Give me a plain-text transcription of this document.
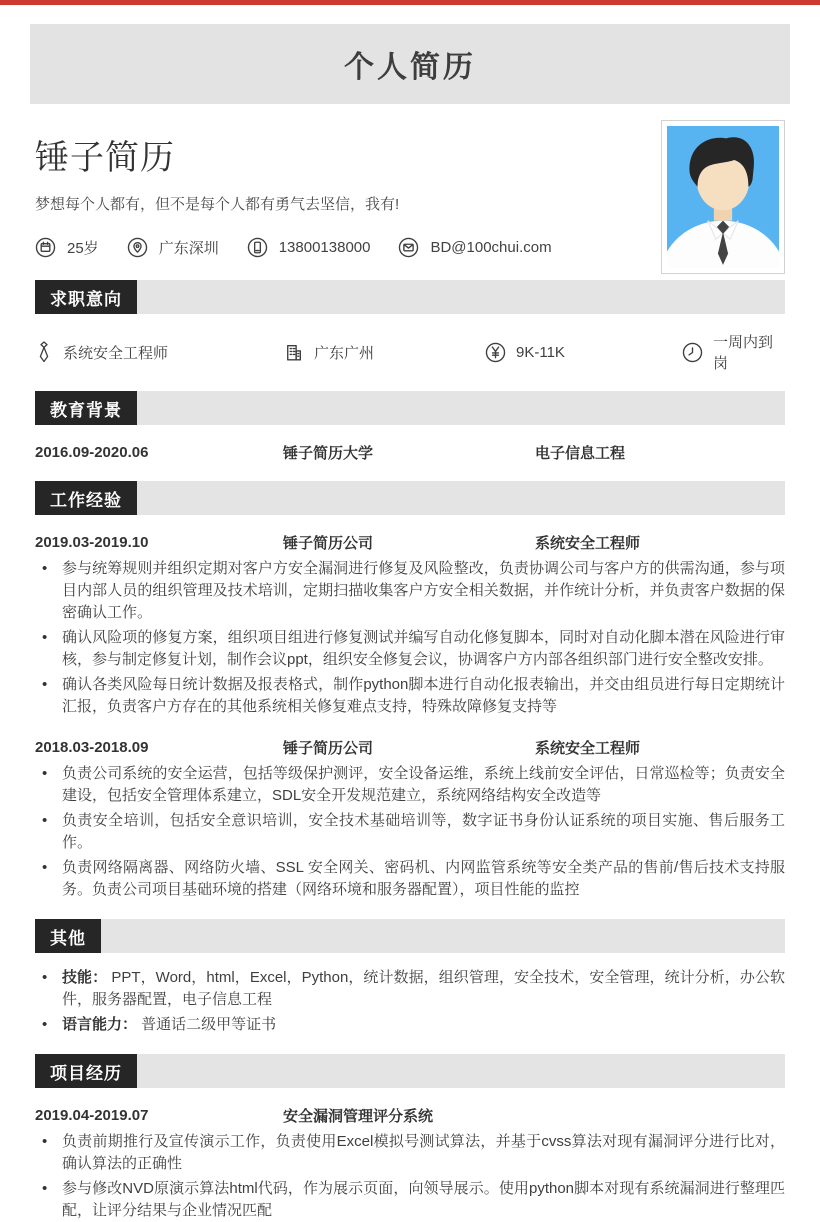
个人简历
锤子简历

梦想每个人都有，但不是每个人都有勇气去坚信，我有!

25岁	广东深圳	13800138000	BD@100chui.com
求职意向
系统安全工程师	广东广州	9K-11K
一周内到岗
教育背景
2016.09-2020.06	锤子简历大学	电子信息工程
工作经验
2019.03-2019.10	锤子简历公司	系统安全工程师
• 参与统筹规则并组织定期对客户方安全漏洞进行修复及风险整改，负责协调公司与客户方的供需沟通，参与项目内部人员的组织管理及技术培训，定期扫描收集客户方安全相关数据，并作统计分析，并负责客户数据的保密确认工作。
• 确认风险项的修复方案，组织项目组进行修复测试并编写自动化修复脚本，同时对自动化脚本潜在风险进行审核，参与制定修复计划，制作会议ppt，组织安全修复会议，协调客户方内部各组织部门进行安全整改安排。
• 确认各类风险每日统计数据及报表格式，制作python脚本进行自动化报表输出，并交由组员进行每日定期统计汇报，负责客户方存在的其他系统相关修复难点支持，特殊故障修复支持等
2018.03-2018.09	锤子简历公司	系统安全工程师
• 负责公司系统的安全运营，包括等级保护测评，安全设备运维，系统上线前安全评估，日常巡检等；负责安全建设，包括安全管理体系建立，SDL安全开发规范建立，系统网络结构安全改造等
• 负责安全培训，包括安全意识培训，安全技术基础培训等，数字证书身份认证系统的项目实施、售后服务工作。
• 负责网络隔离器、网络防火墙、SSL 安全网关、密码机、内网监管系统等安全类产品的售前/售后技术支持服务。负责公司项目基础环境的搭建（网络环境和服务器配置），项目性能的监控
其他
• 技能： PPT，Word，html，Excel，Python，统计数据，组织管理，安全技术，安全管理，统计分析，办公软件，服务器配置，电子信息工程
• 语言能力： 普通话二级甲等证书
项目经历
2019.04-2019.07	安全漏洞管理评分系统
• 负责前期推行及宣传演示工作，负责使用Excel模拟号测试算法，并基于cvss算法对现有漏洞评分进行比对，确认算法的正确性
• 参与修改NVD原演示算法html代码，作为展示页面，向领导展示。使用python脚本对现有系统漏洞进行整理匹配，让评分结果与企业情况匹配
